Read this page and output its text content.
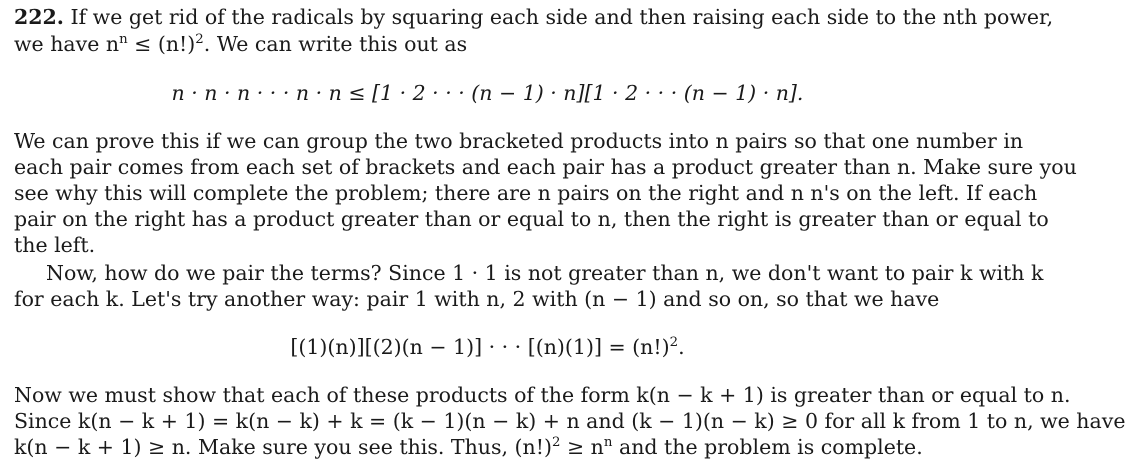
222. If we get rid of the radicals by squaring each side and then raising each side to the nth power,
we have $n^n \le (n!)^2$. We can write this out as
n · n · n · · · n · n ≤ [1 · 2 · · · (n − 1) · n][1 · 2 · · · (n − 1) · n].
We can prove this if we can group the two bracketed products into n pairs so that one number in
each pair comes from each set of brackets and each pair has a product greater than n. Make sure you
see why this will complete the problem; there are n pairs on the right and n n's on the left. If each
pair on the right has a product greater than or equal to n, then the right is greater than or equal to
the left.
Now, how do we pair the terms? Since 1 · 1 is not greater than n, we don't want to pair k with k
for each k. Let's try another way: pair 1 with n, 2 with (n − 1) and so on, so that we have
[(1)(n)][(2)(n − 1)] · · · $[(n)(1)] = (n!)^2$.
Now we must show that each of these products of the form k(n − k + 1) is greater than or equal to n.
Since k(n − k + 1) = k(n − k) + k = (k − 1)(n − k) + n and (k − 1)(n − k) ≥ 0 for all k from 1 to n, we have
k(n − k + 1) ≥ n. Make sure you see this. Thus, $(n!)^2 \ge n^n$ and the problem is complete.
